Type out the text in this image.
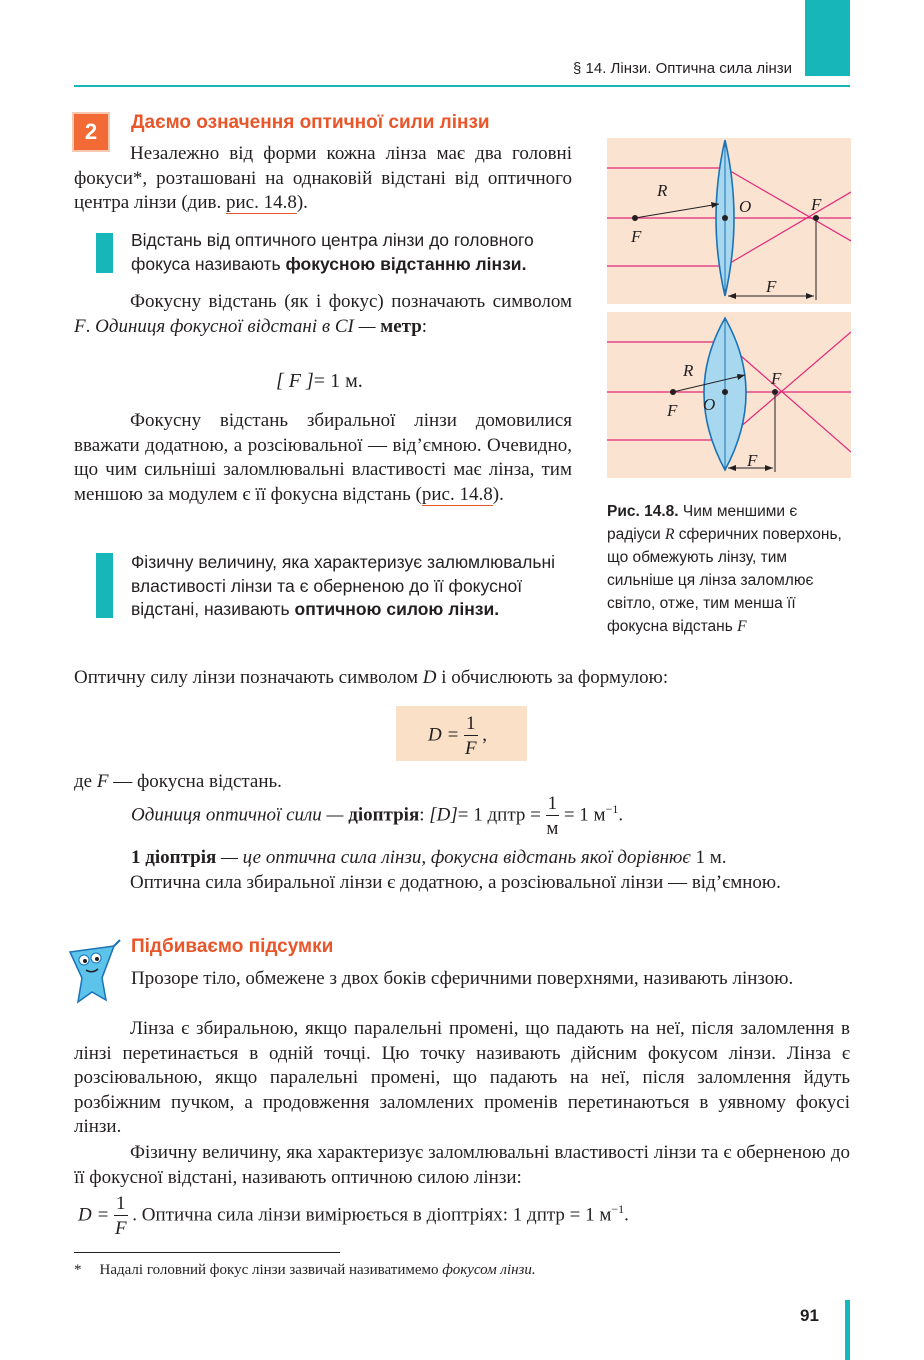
§ 14. Лінзи. Оптична сила лінзи
2	Даємо означення оптичної сили лінзи
Незалежно від форми кожна лінза має два головні фокуси*, розташовані на однаковій відстані від оптичного центра лінзи (див. рис. 14.8).
Відстань від оптичного центра лінзи до головного фокуса називають фокусною відстанню лінзи.
Фокусну відстань (як і фокус) позначають символом F. Одиниця фокусної відстані в СІ — метр:
[ F ]= 1 м.
Фокусну відстань збиральної лінзи домовилися вважати додатною, а розсіювальної — від’ємною. Очевидно, що чим сильніші заломлювальні властивості має лінза, тим меншою за модулем є її фокусна відстань (рис. 14.8).
Фізичну величину, яка характеризує залюмлювальні властивості лінзи та є оберненою до її фокусної відстані, називають оптичною силою лінзи.
R
F
O	F
F
R
F O
F
F
Рис. 14.8. Чим меншими є радіуси R сферичних поверхонь, що обмежують лінзу, тим сильніше ця лінза заломлює світло, отже, тим менша її фокусна відстань F
Оптичну силу лінзи позначають символом D і обчислюють за формулою:
$D = \frac{1}{F}$ ,
де F — фокусна відстань.
Одиниця оптичної сили — діоптрія: [D]= 1 дптр = $\frac{1}{м} = 1$ $м^{-1}$.
1 діоптрія — це оптична сила лінзи, фокусна відстань якої дорівнює 1 м.
Оптична сила збиральної лінзи є додатною, а розсіювальної лінзи — від’ємною.
Підбиваємо підсумки
Прозоре тіло, обмежене з двох боків сферичними поверхнями, називають лінзою.
Лінза є збиральною, якщо паралельні промені, що падають на неї, після заломлення в лінзі перетинається в одній точці. Цю точку називають дійсним фокусом лінзи. Лінза є розсіювальною, якщо паралельні промені, що падають на неї, після заломлення йдуть розбіжним пучком, а продовження заломлених променів перетинаються в уявному фокусі лінзи.
Фізичну величину, яка характеризує заломлювальні властивості лінзи та є оберненою до її фокусної відстані, називають оптичною силою лінзи:
$D = \frac{1}{F}$ . Оптична сила лінзи вимірюється в діоптріях: 1 дптр = 1 $м^{-1}$.
* Надалі головний фокус лінзи зазвичай називатимемо фокусом лінзи.
91
